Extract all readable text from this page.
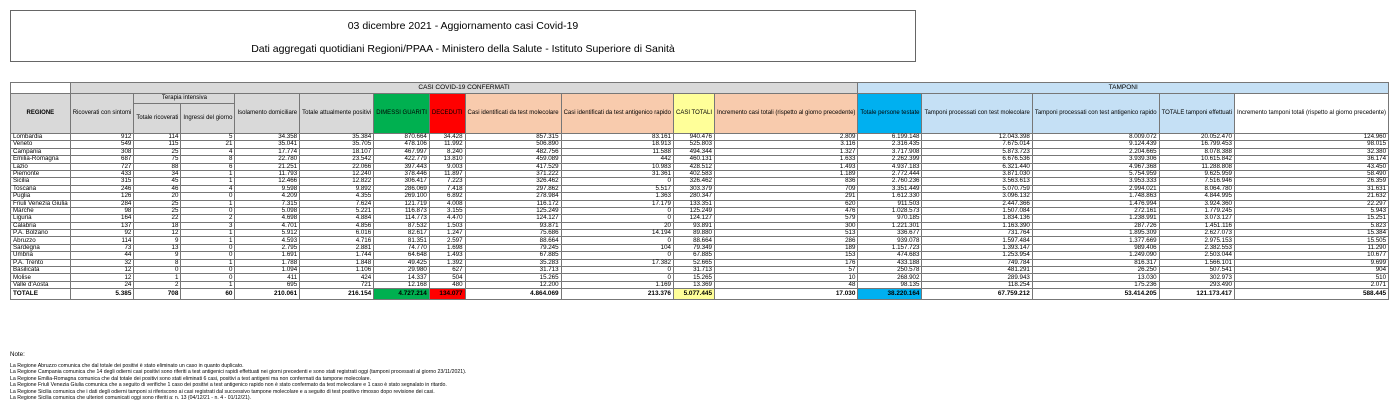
03 dicembre 2021 - Aggiornamento casi Covid-19
Dati aggregati quotidiani Regioni/PPAA - Ministero della Salute - Istituto Superiore di Sanità
	CASI COVID-19 CONFERMATI											TAMPONI				
REGIONE	Ricoverati con sintomi	Terapia intensiva		Isolamento domiciliare	Totale attualmente positivi	DIMESSI GUARITI	DECEDUTI	Casi identificati da test molecolare	Casi identificati da test antigenico rapido	CASI TOTALI	Incremento casi totali (rispetto al giorno precedente)	Totale persone testate	Tamponi processati con test molecolare	Tamponi processati con test antigenico rapido	TOTALE tamponi effettuati	Incremento tamponi totali (rispetto al giorno precedente)
		Totale ricoverati	Ingressi del giorno													
Lombardia	912	114	5	34.358	35.384	870.664	34.428	857.315	83.161	940.476	2.809	6.199.148	12.043.398	8.009.072	20.052.470	124.960
Veneto	549	115	21	35.041	35.705	478.106	11.992	506.890	18.913	525.803	3.116	2.316.435	7.675.014	9.124.439	16.799.453	98.015
Campania	308	25	4	17.774	18.107	467.997	8.240	482.756	11.588	494.344	1.327	3.717.908	5.873.723	2.204.665	8.078.388	32.380
Emilia-Romagna	687	75	8	22.780	23.542	422.779	13.810	459.089	442	460.131	1.633	2.262.399	6.676.536	3.939.306	10.615.842	36.174
Lazio	727	88	6	21.251	22.066	397.443	9.003	417.529	10.983	428.512	1.493	4.937.183	6.321.440	4.967.368	11.288.808	43.450
Piemonte	433	34	1	11.793	12.240	378.446	11.897	371.222	31.361	402.583	1.189	2.772.444	3.871.030	5.754.959	9.625.959	58.490
Sicilia	315	45	1	12.466	12.822	306.417	7.223	326.462	0	326.462	836	2.760.236	3.563.613	3.953.333	7.516.946	26.359
Toscana	246	46	4	9.598	9.892	286.069	7.418	297.862	5.517	303.379	709	3.351.449	5.070.759	2.994.021	8.064.780	31.631
Puglia	126	20	0	4.209	4.355	269.100	6.892	278.984	1.363	280.347	291	1.612.330	3.096.132	1.748.863	4.844.995	21.632
Friuli Venezia Giulia	284	25	1	7.315	7.624	121.719	4.008	116.172	17.179	133.351	620	911.503	2.447.366	1.476.994	3.924.360	22.297
Marche	98	25	0	5.098	5.221	116.873	3.155	125.249	0	125.249	476	1.028.573	1.507.084	272.161	1.779.245	5.943
Liguria	164	22	2	4.698	4.884	114.773	4.470	124.127	0	124.127	579	970.185	1.834.136	1.238.991	3.073.127	15.251
Calabria	137	18	3	4.701	4.856	87.532	1.503	93.871	20	93.891	300	1.221.301	1.163.390	287.726	1.451.116	5.823
P.A. Bolzano	92	12	1	5.912	6.016	82.617	1.247	75.686	14.194	89.880	513	336.677	731.764	1.895.309	2.627.073	15.384
Abruzzo	114	9	1	4.593	4.716	81.351	2.597	88.664	0	88.664	286	939.078	1.597.484	1.377.669	2.975.153	15.505
Sardegna	73	13	0	2.795	2.881	74.770	1.698	79.245	104	79.349	189	1.157.723	1.393.147	989.406	2.382.553	11.290
Umbria	44	9	0	1.691	1.744	64.648	1.493	67.885	0	67.885	153	474.683	1.253.954	1.249.090	2.503.044	10.677
P.A. Trento	32	8	1	1.788	1.848	49.425	1.392	35.283	17.382	52.665	176	433.188	749.784	816.317	1.566.101	9.699
Basilicata	12	0	0	1.094	1.106	29.980	627	31.713	0	31.713	57	250.578	481.291	26.250	507.541	904
Molise	12	1	0	411	424	14.337	504	15.265	0	15.265	10	268.902	289.943	13.030	302.973	510
Valle d'Aosta	24	2	1	695	721	12.168	480	12.200	1.169	13.369	48	98.135	118.254	175.236	293.490	2.071
TOTALE	5.385	708	60	210.061	216.154	4.727.214	134.077	4.864.069	213.376	5.077.445	17.030	38.220.164	67.759.212	53.414.205	121.173.417	588.445
Note:
La Regione Abruzzo comunica che dal totale dei positivi è stato eliminato un caso in quanto duplicato.
La Regione Campania comunica che 14 degli odierni casi positivi sono riferiti a test antigenici rapidi effettuati nei giorni precedenti e sono stati registrati oggi (tamponi processati al giorno 23/11/2021).
La Regione Emilia-Romagna comunica che dal totale dei positivi sono stati eliminati 6 casi, positivi a test antigeni ma non confermati da tampone molecolare.
La Regione Friuli Venezia Giulia comunica che a seguito di verifiche 1 caso dei positivi a test antigenico rapido non è stato confermato da test molecolare e 1 caso è stato segnalato in ritardo.
La Regione Sicilia comunica che i dati degli odierni tamponi si riferiscono ai casi registrati dal successivo tampone molecolare e a seguito di test positivo rimosso dopo revisione dei casi.
La Regione Sicilia comunica che ulteriori comunicati oggi sono riferiti a: n. 13 (04/12/21 - n. 4 - 01/12/21).
